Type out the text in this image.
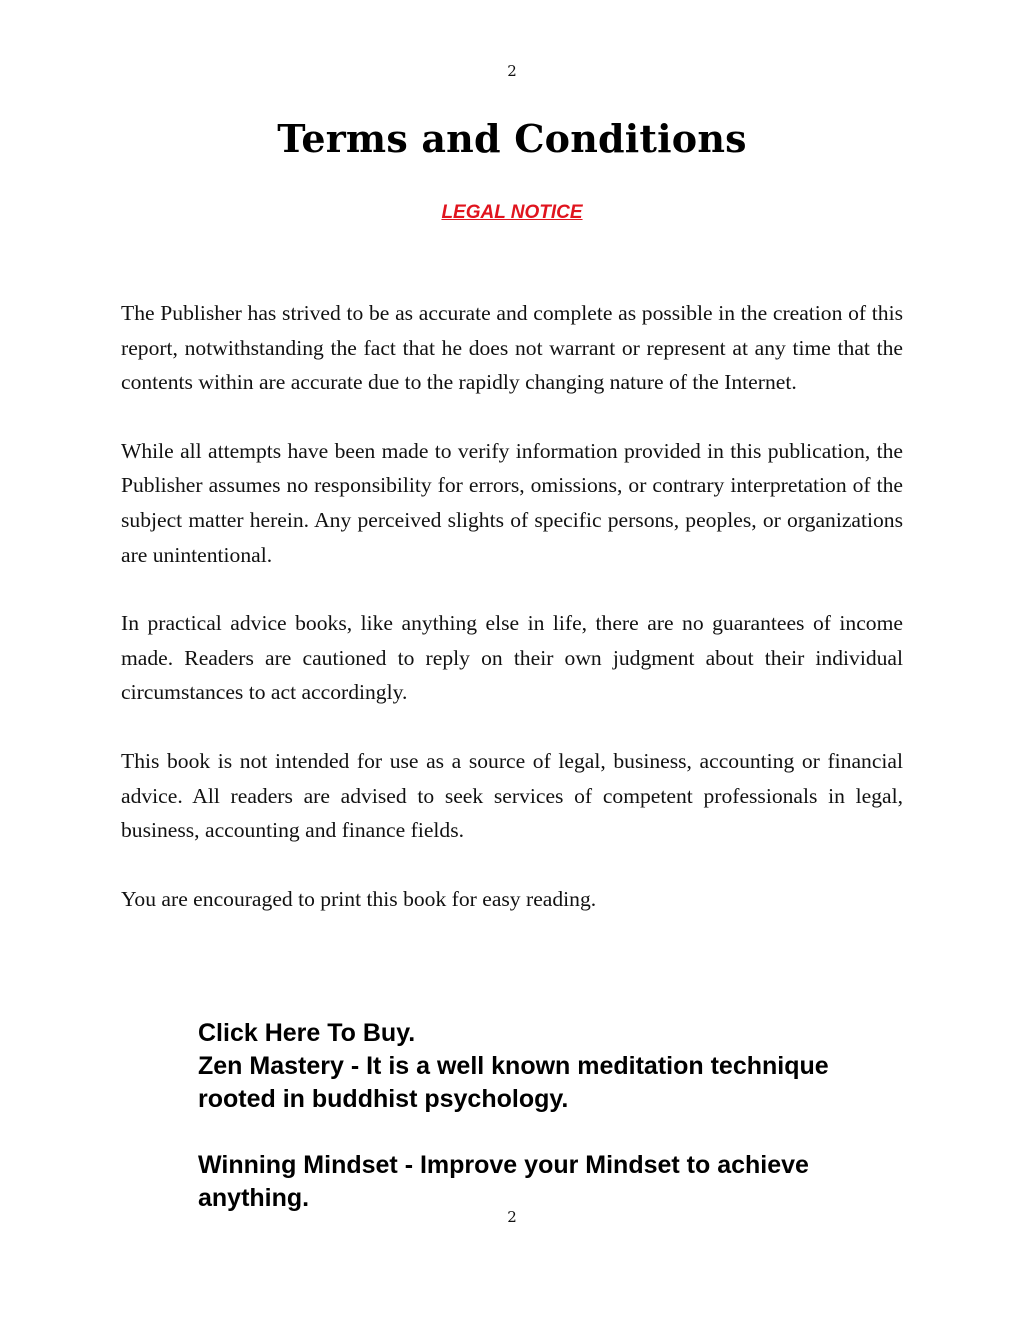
2
Terms and Conditions
LEGAL NOTICE

The Publisher has strived to be as accurate and complete as possible in the creation of this report, notwithstanding the fact that he does not warrant or represent at any time that the contents within are accurate due to the rapidly changing nature of the Internet.

While all attempts have been made to verify information provided in this publication, the Publisher assumes no responsibility for errors, omissions, or contrary interpretation of the subject matter herein. Any perceived slights of specific persons, peoples, or organizations are unintentional.

In practical advice books, like anything else in life, there are no guarantees of income made. Readers are cautioned to reply on their own judgment about their individual circumstances to act accordingly.

This book is not intended for use as a source of legal, business, accounting or financial advice. All readers are advised to seek services of competent professionals in legal, business, accounting and finance fields.

You are encouraged to print this book for easy reading.

Click Here To Buy.
Zen Mastery - It is a well known meditation technique rooted in buddhist psychology.
Winning Mindset - Improve your Mindset to achieve anything.
2
